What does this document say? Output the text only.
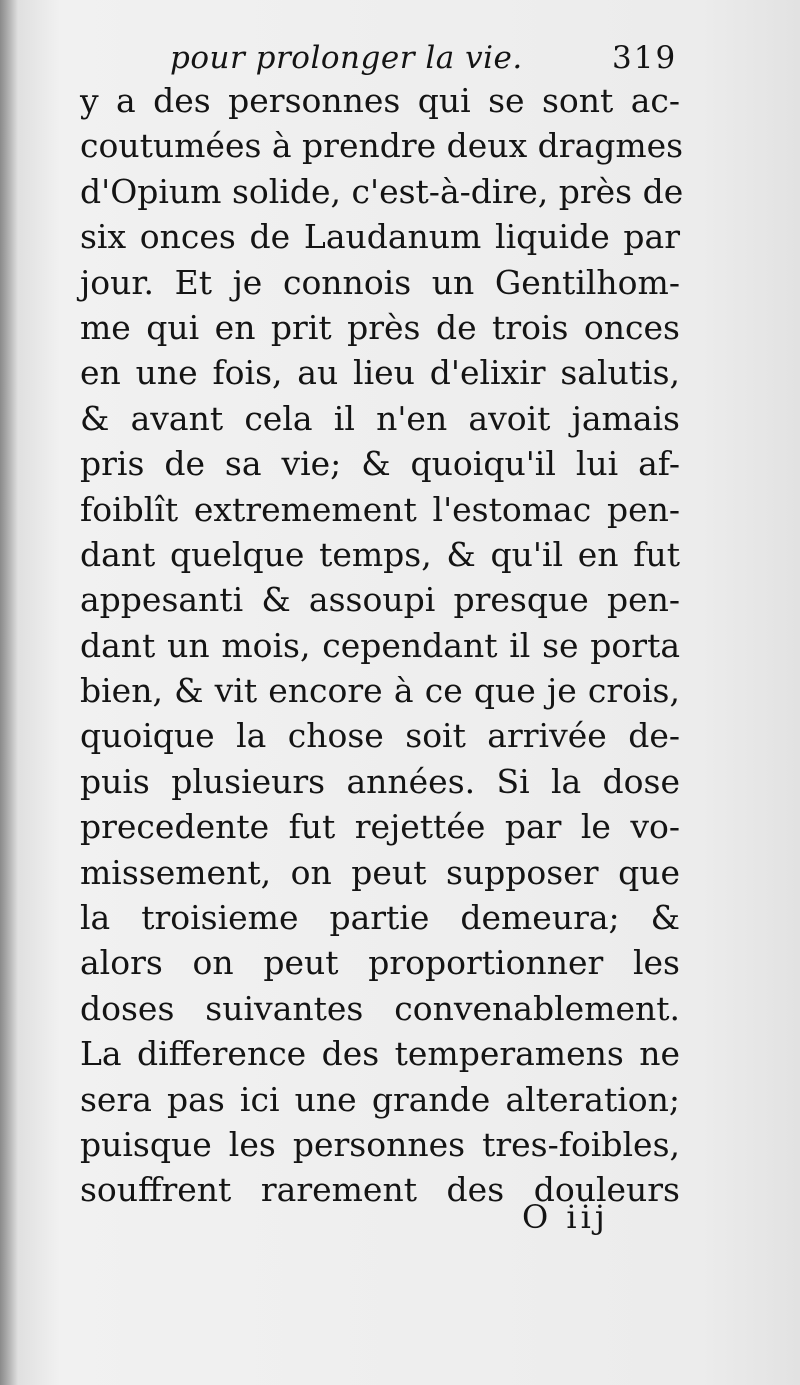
pour prolonger la vie.	319
y a des personnes qui se sont ac-
coutumées à prendre deux dragmes
d'Opium solide, c'est-à-dire, près de
six onces de Laudanum liquide par
jour. Et je connois un Gentilhom-
me qui en prit près de trois onces
en une fois, au lieu d'elixir salutis,
& avant cela il n'en avoit jamais
pris de sa vie; & quoiqu'il lui af-
foiblît extremement l'estomac pen-
dant quelque temps, & qu'il en fut
appesanti & assoupi presque pen-
dant un mois, cependant il se porta
bien, & vit encore à ce que je crois,
quoique la chose soit arrivée de-
puis plusieurs années. Si la dose
precedente fut rejettée par le vo-
missement, on peut supposer que
la troisieme partie demeura; &
alors on peut proportionner les
doses suivantes convenablement.
La difference des temperamens ne
sera pas ici une grande alteration;
puisque les personnes tres-foibles,
souffrent rarement des douleurs
O iij
